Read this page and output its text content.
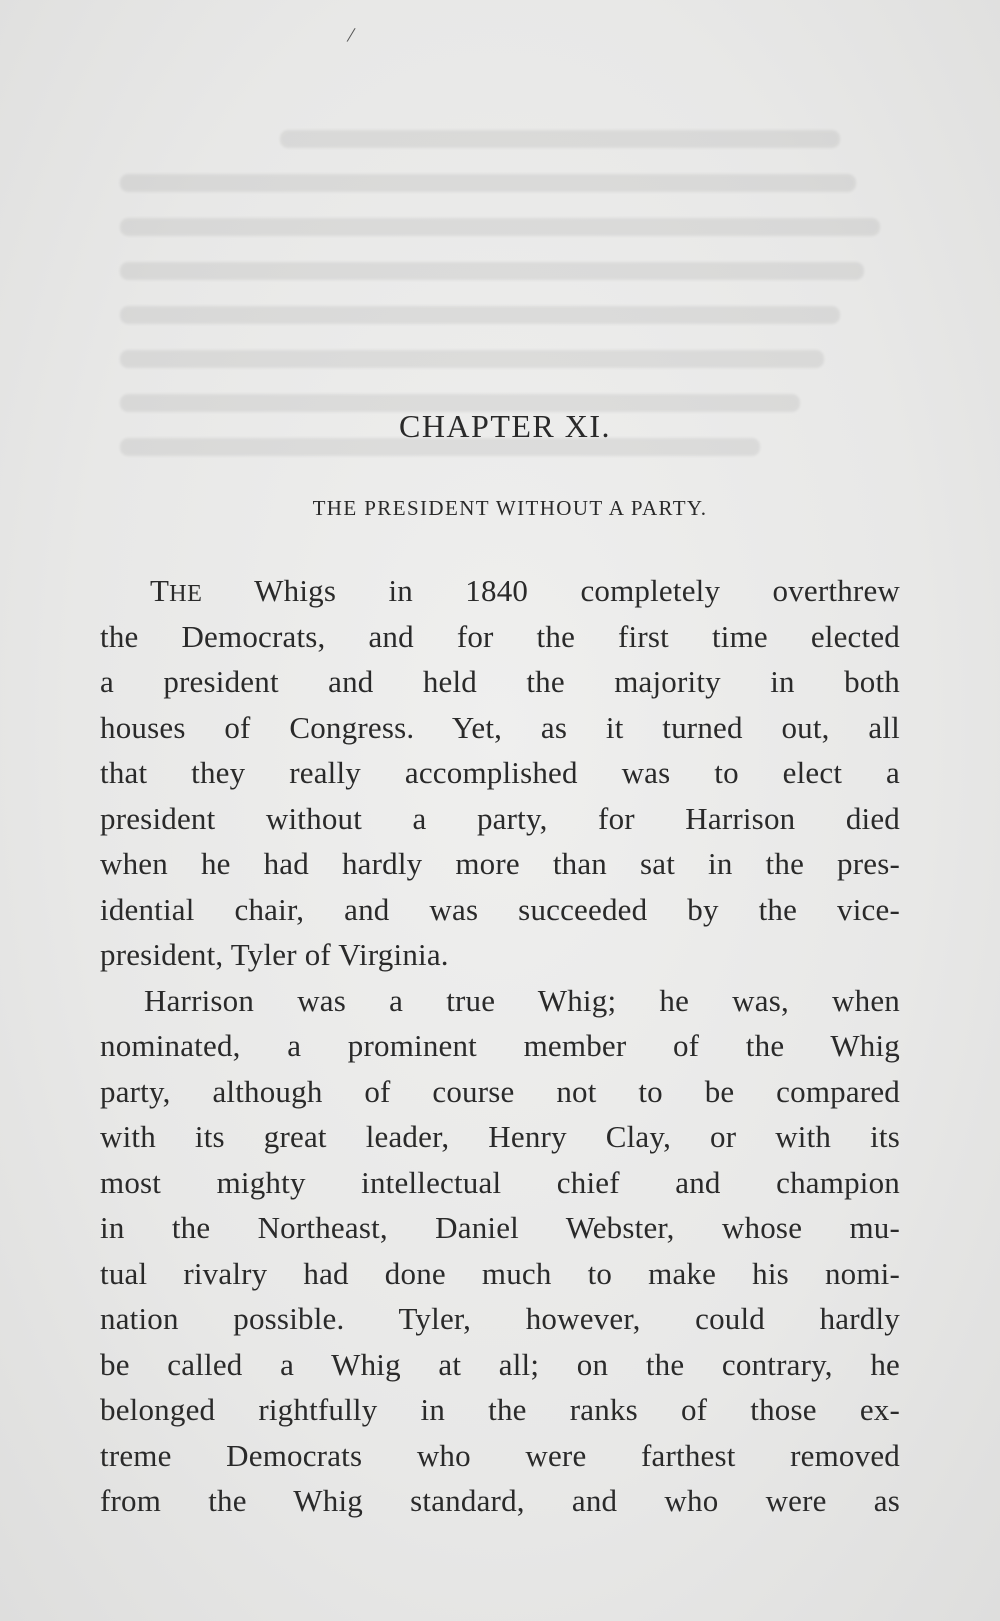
/
CHAPTER XI.
THE PRESIDENT WITHOUT A PARTY.
THE Whigs in 1840 completely overthrew
the Democrats, and for the first time elected
a president and held the majority in both
houses of Congress. Yet, as it turned out, all
that they really accomplished was to elect a
president without a party, for Harrison died
when he had hardly more than sat in the pres-
idential chair, and was succeeded by the vice-
president, Tyler of Virginia.
Harrison was a true Whig; he was, when
nominated, a prominent member of the Whig
party, although of course not to be compared
with its great leader, Henry Clay, or with its
most mighty intellectual chief and champion
in the Northeast, Daniel Webster, whose mu-
tual rivalry had done much to make his nomi-
nation possible. Tyler, however, could hardly
be called a Whig at all; on the contrary, he
belonged rightfully in the ranks of those ex-
treme Democrats who were farthest removed
from the Whig standard, and who were as
